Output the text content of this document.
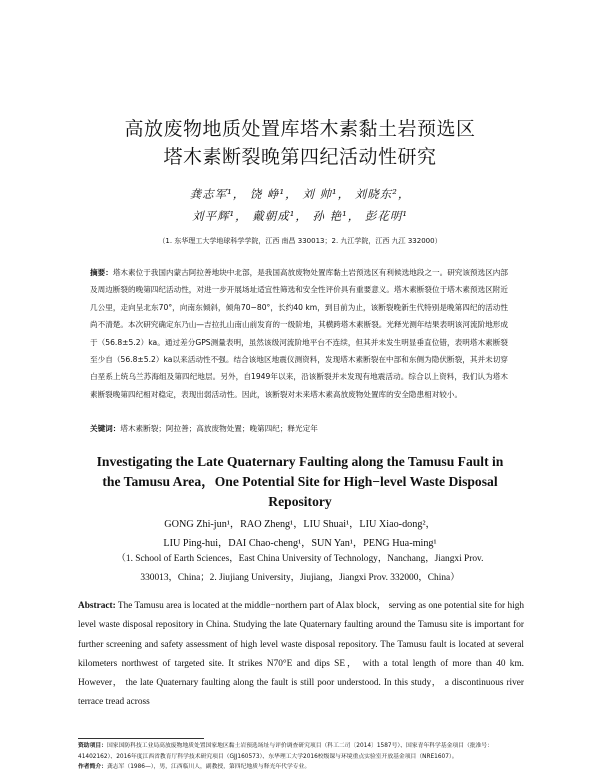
高放废物地质处置库塔木素黏土岩预选区
塔木素断裂晚第四纪活动性研究
龚志军¹， 饶 峥¹， 刘 帅¹， 刘晓东²，
刘平辉¹， 戴朝成¹， 孙 艳¹， 彭花明¹
（1. 东华理工大学地球科学学院，江西 南昌 330013；2. 九江学院，江西 九江 332000）
摘要：塔木素位于我国内蒙古阿拉善地块中北部，是我国高放废物处置库黏土岩预选区有利候选地段之一。研究该预选区内部及周边断裂的晚第四纪活动性，对进一步开展场址适宜性筛选和安全性评价具有重要意义。塔木素断裂位于塔木素预选区附近几公里，走向呈北东70°，向南东倾斜，倾角70−80°，长约40 km，到目前为止，该断裂晚新生代特别是晚第四纪的活动性尚不清楚。本次研究确定东乃山—吉拉扎山南山前发育的一级阶地，其横跨塔木素断裂。光释光测年结果表明该河流阶地形成于（56.8±5.2）ka。通过差分GPS测量表明，虽然该级河流阶地平台不连续，但其并未发生明显垂直位错，表明塔木素断裂至少自（56.8±5.2）ka以来活动性不强。结合该地区地震仪测资料，发现塔木素断裂在中部和东侧为隐伏断裂，其并未切穿白垩系上统乌兰苏海组及第四纪地层。另外，自1949年以来，沿该断裂并未发现有地震活动。综合以上资料，我们认为塔木素断裂晚第四纪相对稳定，表现出弱活动性。因此，该断裂对未来塔木素高放废物处置库的安全隐患相对较小。
关键词：塔木素断裂；阿拉善；高放废物处置；晚第四纪；释光定年
Investigating the Late Quaternary Faulting along the Tamusu Fault in
the Tamusu Area，One Potential Site for High−level Waste Disposal
Repository
GONG Zhi-jun¹，RAO Zheng¹，LIU Shuai¹，LIU Xiao-dong²，
LIU Ping-hui，DAI Chao-cheng¹，SUN Yan¹，PENG Hua-ming¹
（1. School of Earth Sciences，East China University of Technology，Nanchang，Jiangxi Prov.
330013，China；2. Jiujiang University，Jiujiang，Jiangxi Prov. 332000，China）
Abstract: The Tamusu area is located at the middle−northern part of Alax block， serving as one potential site for high level waste disposal repository in China. Studying the late Quaternary faulting around the Tamusu site is important for further screening and safety assessment of high level waste disposal repository. The Tamusu fault is located at several kilometers northwest of targeted site. It strikes N70°E and dips SE， with a total length of more than 40 km. However， the late Quaternary faulting along the fault is still poor understood. In this study， a discontinuous river terrace tread across
资助项目：国家国防科技工业局高放废物地质处置国家地区黏土岩预选场址与评价调查研究项目（科工二司〔2014〕1587号）、国家青年科学基金项目（批准号：41402162）、2016年度江西省教育厅科学技术研究项目（GJJ160573）、东华理工大学2016校级课与环境重点实验室开放基金项目（NRE1607）。
作者简介：龚志军（1986—），男，江西临川人，副教授，第四纪地质与释光年代学专业。
